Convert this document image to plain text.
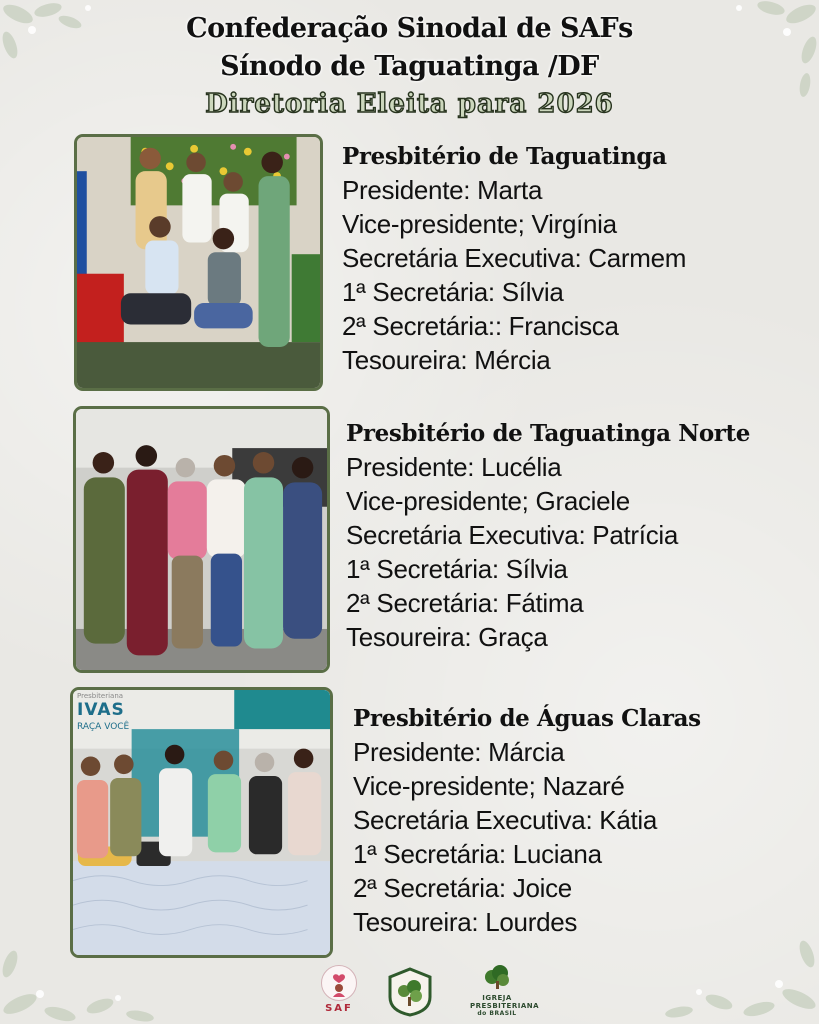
Confederação Sinodal de SAFs
Sínodo de Taguatinga /DF
Diretoria Eleita para 2026
Presbitério de Taguatinga
Presidente: Marta
Vice-presidente; Virgínia
Secretária Executiva: Carmem
1ª Secretária: Sílvia
2ª Secretária:: Francisca
Tesoureira: Mércia
Presbitério de Taguatinga Norte
Presidente: Lucélia
Vice-presidente; Graciele
Secretária Executiva: Patrícia
1ª Secretária: Sílvia
2ª Secretária: Fátima
Tesoureira: Graça
Presbiteriana
IVAS
RAÇA VOCÊ	Presbitério de Águas Claras
Presidente: Márcia
Vice-presidente; Nazaré
Secretária Executiva: Kátia
1ª Secretária: Luciana
2ª Secretária: Joice
Tesoureira: Lourdes
SAF
IGREJA
PRESBITERIANA
do BRASIL
